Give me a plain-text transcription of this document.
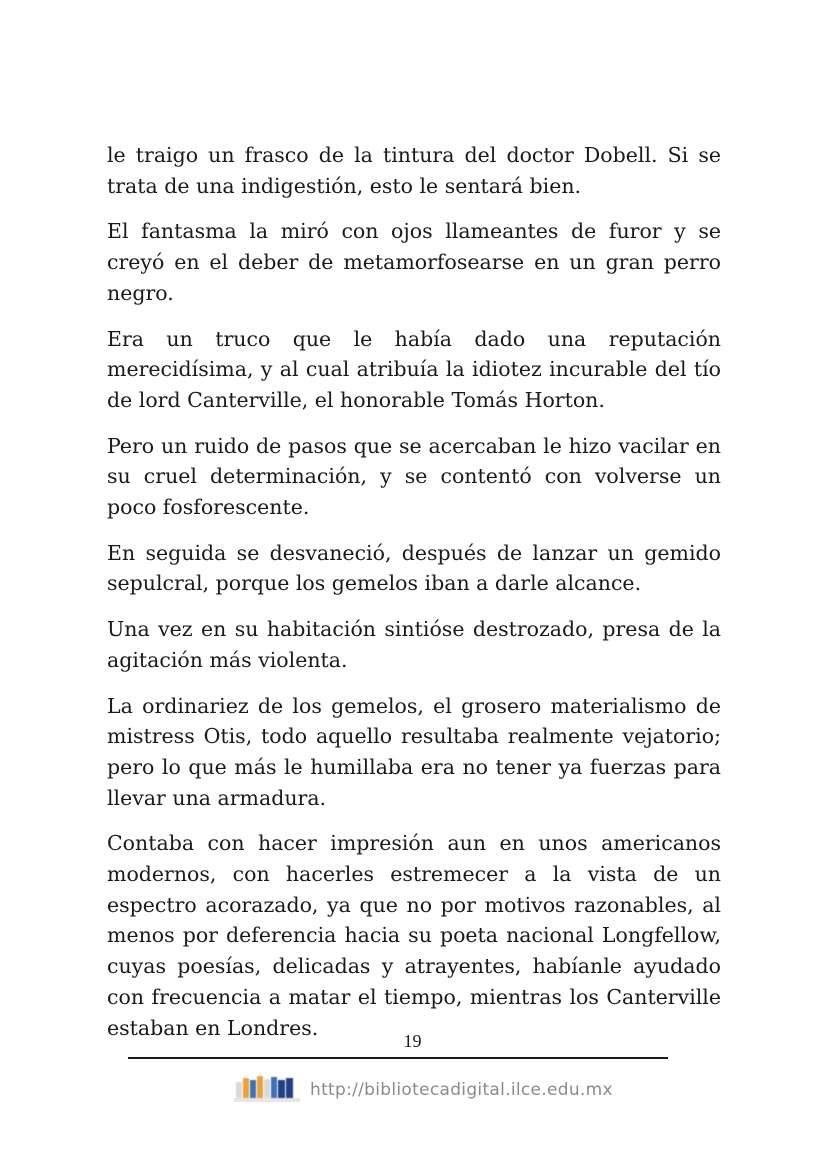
le traigo un frasco de la tintura del doctor Dobell. Si se trata de una indigestión, esto le sentará bien.

El fantasma la miró con ojos llameantes de furor y se creyó en el deber de metamorfosearse en un gran perro negro.

Era un truco que le había dado una reputación merecidísima, y al cual atribuía la idiotez incurable del tío de lord Canterville, el honorable Tomás Horton.

Pero un ruido de pasos que se acercaban le hizo vacilar en su cruel determinación, y se contentó con volverse un poco fosforescente.

En seguida se desvaneció, después de lanzar un gemido sepulcral, porque los gemelos iban a darle alcance.

Una vez en su habitación sintióse destrozado, presa de la agitación más violenta.

La ordinariez de los gemelos, el grosero materialismo de mistress Otis, todo aquello resultaba realmente vejatorio; pero lo que más le humillaba era no tener ya fuerzas para llevar una armadura.

Contaba con hacer impresión aun en unos americanos modernos, con hacerles estremecer a la vista de un espectro acorazado, ya que no por motivos razonables, al menos por deferencia hacia su poeta nacional Longfellow, cuyas poesías, delicadas y atrayentes, habíanle ayudado con frecuencia a matar el tiempo, mientras los Canterville estaban en Londres.

19
http://bibliotecadigital.ilce.edu.mx
